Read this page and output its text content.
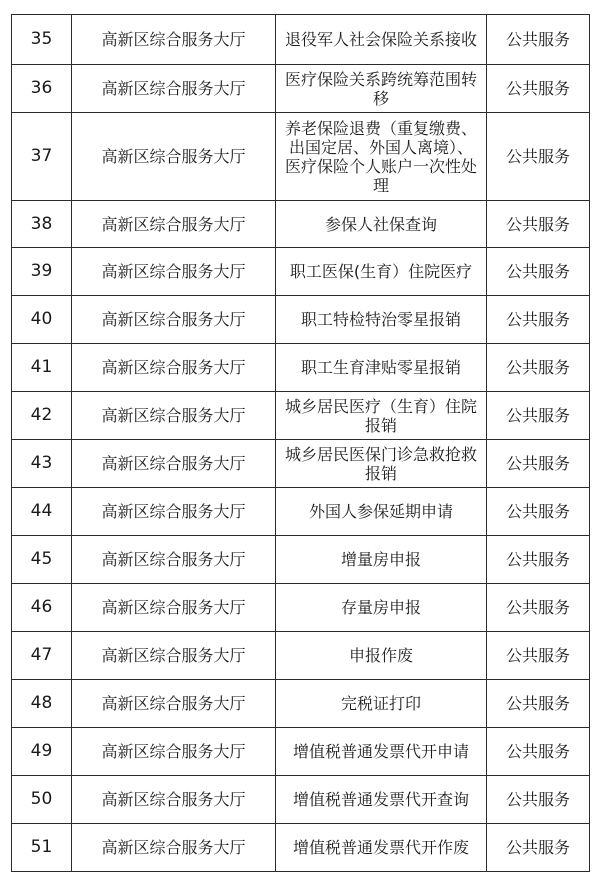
35	高新区综合服务大厅	退役军人社会保险关系接收	公共服务
36	高新区综合服务大厅	医疗保险关系跨统筹范围转移	公共服务
37	高新区综合服务大厅	养老保险退费（重复缴费、出国定居、外国人离境）、医疗保险个人账户一次性处理	公共服务
38	高新区综合服务大厅	参保人社保查询	公共服务
39	高新区综合服务大厅	职工医保(生育）住院医疗	公共服务
40	高新区综合服务大厅	职工特检特治零星报销	公共服务
41	高新区综合服务大厅	职工生育津贴零星报销	公共服务
42	高新区综合服务大厅	城乡居民医疗（生育）住院报销	公共服务
43	高新区综合服务大厅	城乡居民医保门诊急救抢救报销	公共服务
44	高新区综合服务大厅	外国人参保延期申请	公共服务
45	高新区综合服务大厅	增量房申报	公共服务
46	高新区综合服务大厅	存量房申报	公共服务
47	高新区综合服务大厅	申报作废	公共服务
48	高新区综合服务大厅	完税证打印	公共服务
49	高新区综合服务大厅	增值税普通发票代开申请	公共服务
50	高新区综合服务大厅	增值税普通发票代开查询	公共服务
51	高新区综合服务大厅	增值税普通发票代开作废	公共服务
